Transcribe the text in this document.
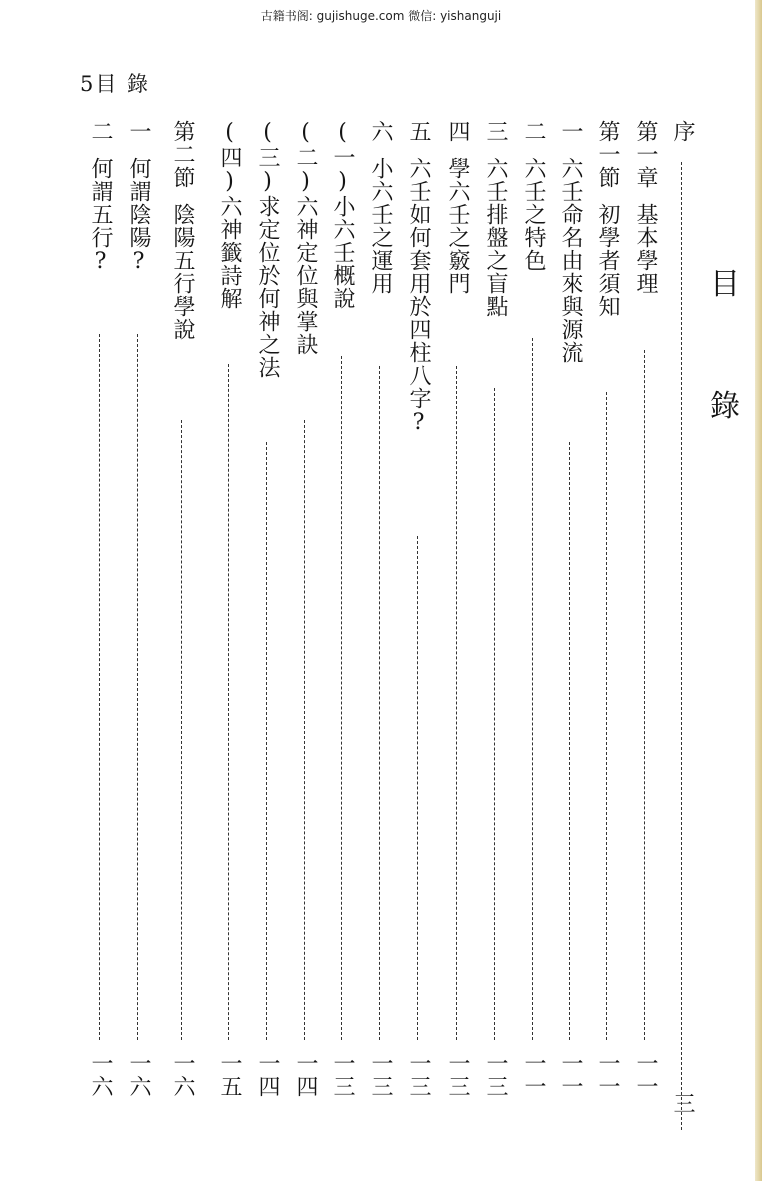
古籍书阁: gujishuge.com 微信: yishanguji
5目 錄
目
錄
序
三
第一章基本學理
一一
第一節初學者須知
一一
一六壬命名由來與源流
一一
二六壬之特色
一一
三六壬排盤之盲點
一三
四學六壬之竅門
一三
五六壬如何套用於四柱八字?
一三
六小六壬之運用
一三
(一)小六壬概說
一三
(二)六神定位與掌訣
一四
(三)求定位於何神之法
一四
(四)六神籤詩解
一五
第二節陰陽五行學說
一六
一何謂陰陽?
一六
二何謂五行?
一六
